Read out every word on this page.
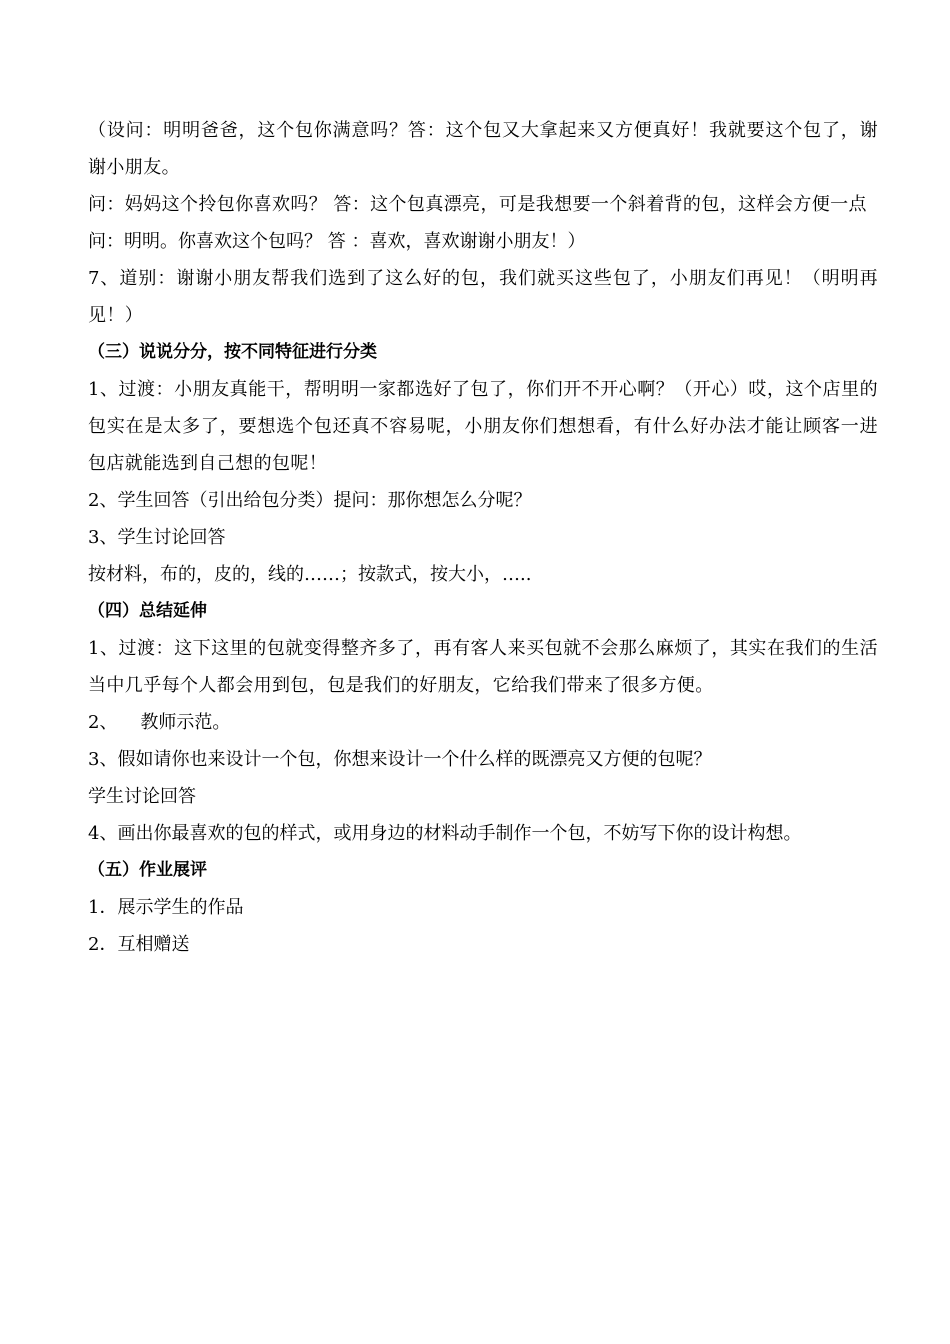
（设问：明明爸爸，这个包你满意吗？答：这个包又大拿起来又方便真好！我就要这个包了，谢谢小朋友。

问：妈妈这个拎包你喜欢吗？ 答：这个包真漂亮，可是我想要一个斜着背的包，这样会方便一点

问：明明。你喜欢这个包吗？ 答 ：喜欢，喜欢谢谢小朋友！）

7、道别：谢谢小朋友帮我们选到了这么好的包，我们就买这些包了，小朋友们再见！（明明再见！）

（三）说说分分，按不同特征进行分类

1、过渡：小朋友真能干，帮明明一家都选好了包了，你们开不开心啊？（开心）哎，这个店里的包实在是太多了，要想选个包还真不容易呢，小朋友你们想想看，有什么好办法才能让顾客一进包店就能选到自己想的包呢！

2、学生回答（引出给包分类）提问：那你想怎么分呢？

3、学生讨论回答

按材料，布的，皮的，线的……；按款式，按大小，…..

（四）总结延伸

1、过渡：这下这里的包就变得整齐多了，再有客人来买包就不会那么麻烦了，其实在我们的生活当中几乎每个人都会用到包，包是我们的好朋友，它给我们带来了很多方便。

2、    教师示范。

3、假如请你也来设计一个包，你想来设计一个什么样的既漂亮又方便的包呢？

学生讨论回答

4、画出你最喜欢的包的样式，或用身边的材料动手制作一个包，不妨写下你的设计构想。

（五）作业展评

1．展示学生的作品

2．互相赠送
